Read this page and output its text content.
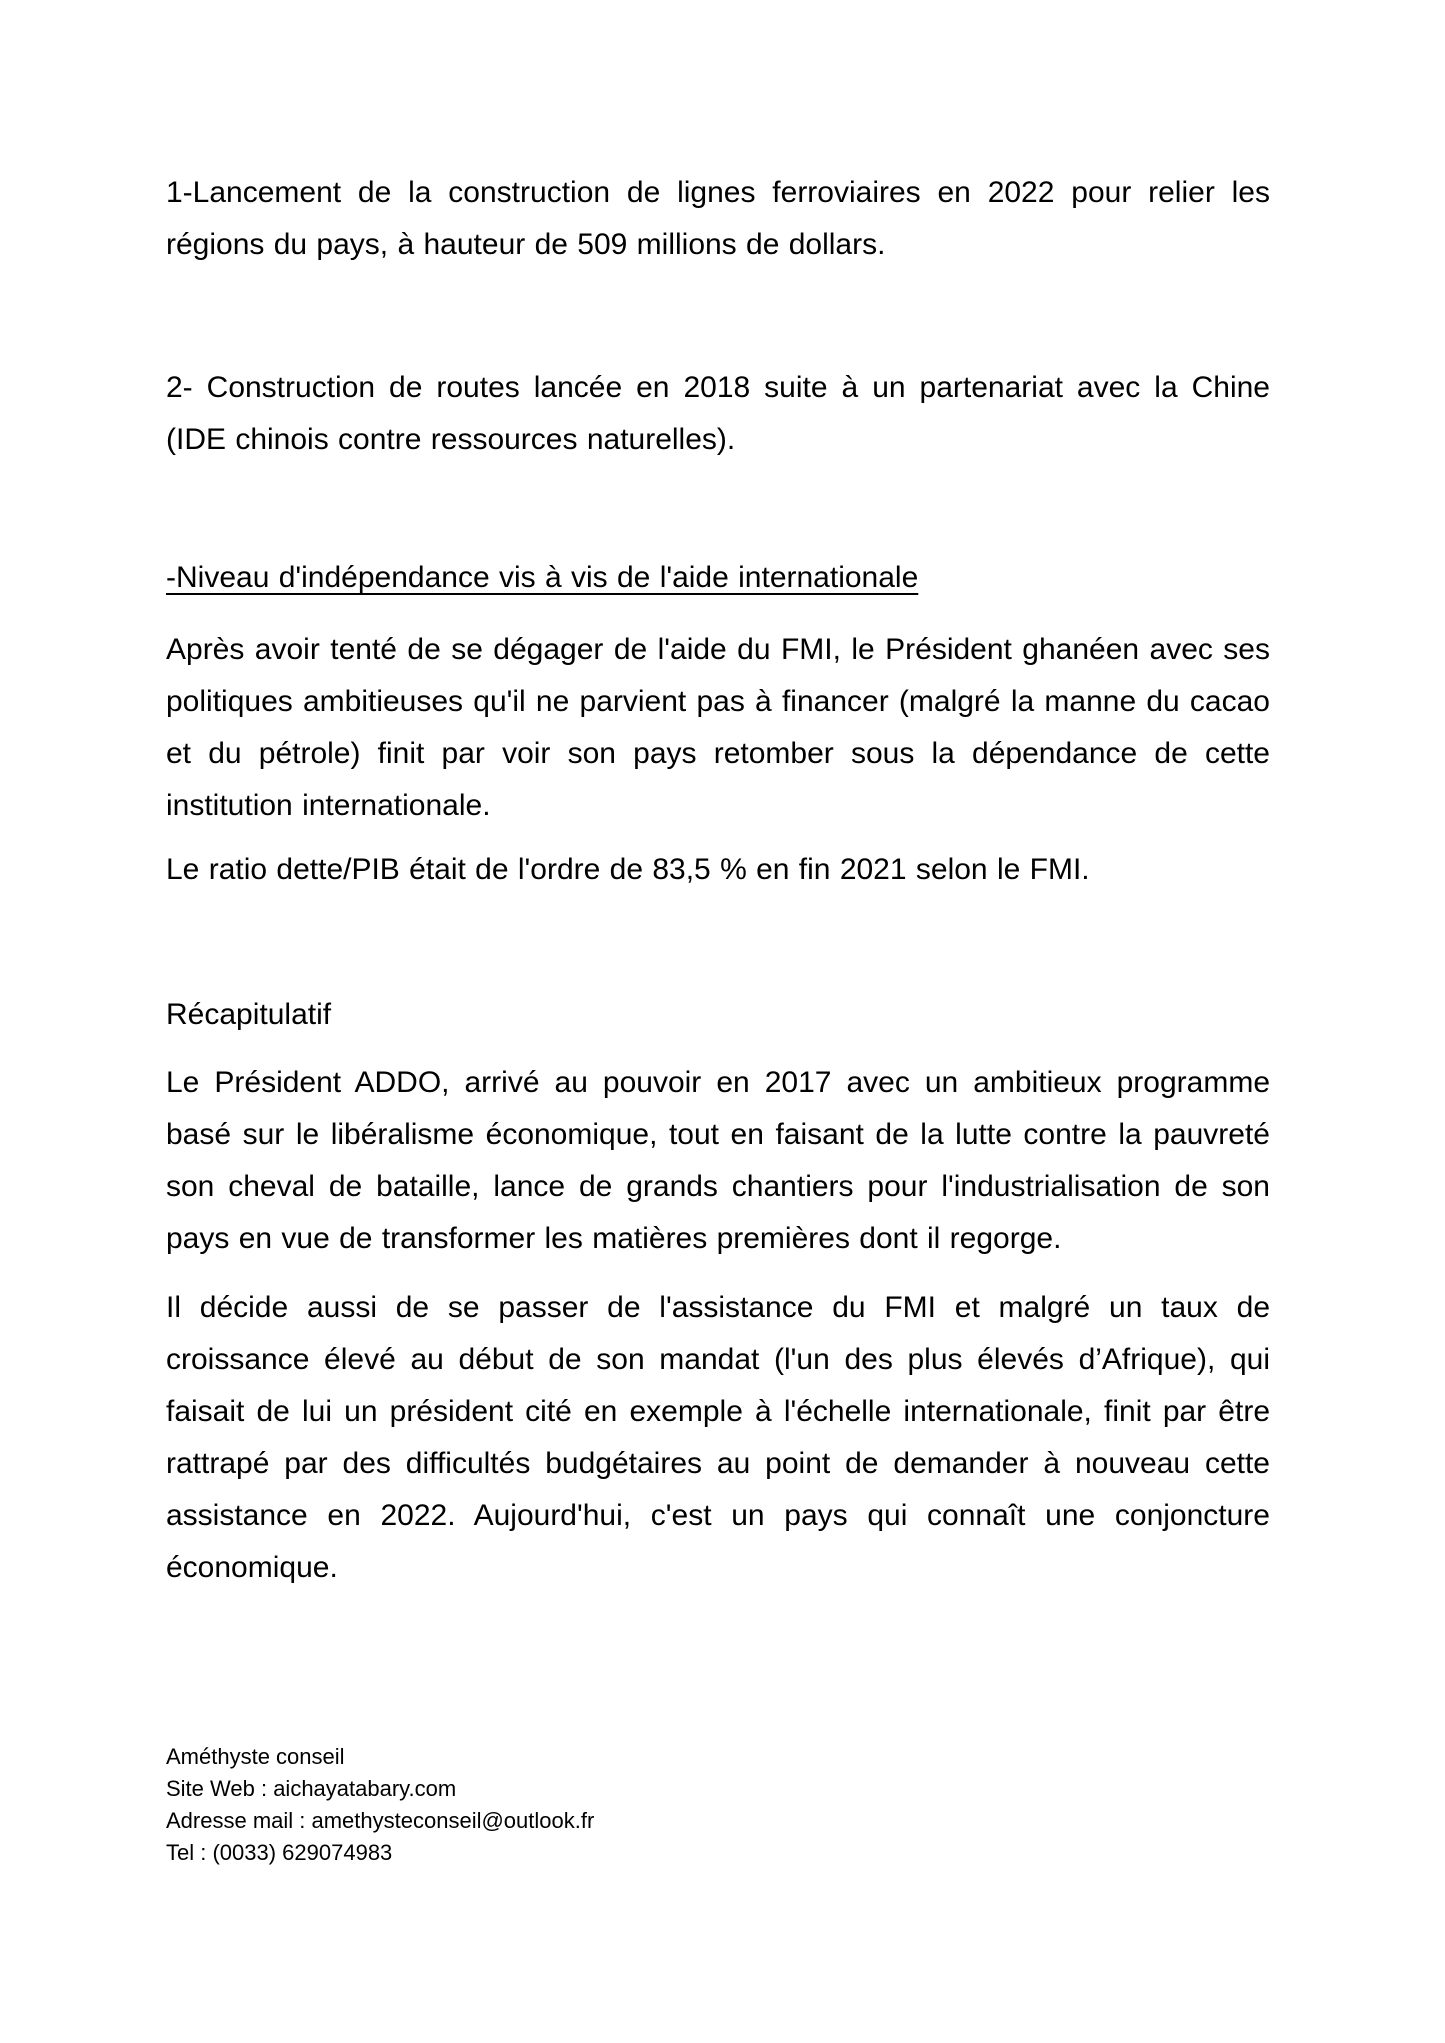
1-Lancement de la construction de lignes ferroviaires en 2022 pour relier les régions du pays, à hauteur de 509 millions de dollars.

2- Construction de routes lancée en 2018 suite à un partenariat avec la Chine (IDE chinois contre ressources naturelles).

-Niveau d'indépendance vis à vis de l'aide internationale

Après avoir tenté de se dégager de l'aide du FMI, le Président ghanéen avec ses politiques ambitieuses qu'il ne parvient pas à financer (malgré la manne du cacao et du pétrole) finit par voir son pays retomber sous la dépendance de cette institution internationale.

Le ratio dette/PIB était de l'ordre de 83,5 % en fin 2021 selon le FMI.

Récapitulatif

Le Président ADDO, arrivé au pouvoir en 2017 avec un ambitieux programme basé sur le libéralisme économique, tout en faisant de la lutte contre la pauvreté son cheval de bataille, lance de grands chantiers pour l'industrialisation de son pays en vue de transformer les matières premières dont il regorge.

Il décide aussi de se passer de l'assistance du FMI et malgré un taux de croissance élevé au début de son mandat (l'un des plus élevés d’Afrique), qui faisait de lui un président cité en exemple à l'échelle internationale, finit par être rattrapé par des difficultés budgétaires au point de demander à nouveau cette assistance en 2022. Aujourd'hui, c'est un pays qui connaît une conjoncture économique.

Améthyste conseil

Site Web : aichayatabary.com

Adresse mail : amethysteconseil@outlook.fr

Tel : (0033) 629074983
